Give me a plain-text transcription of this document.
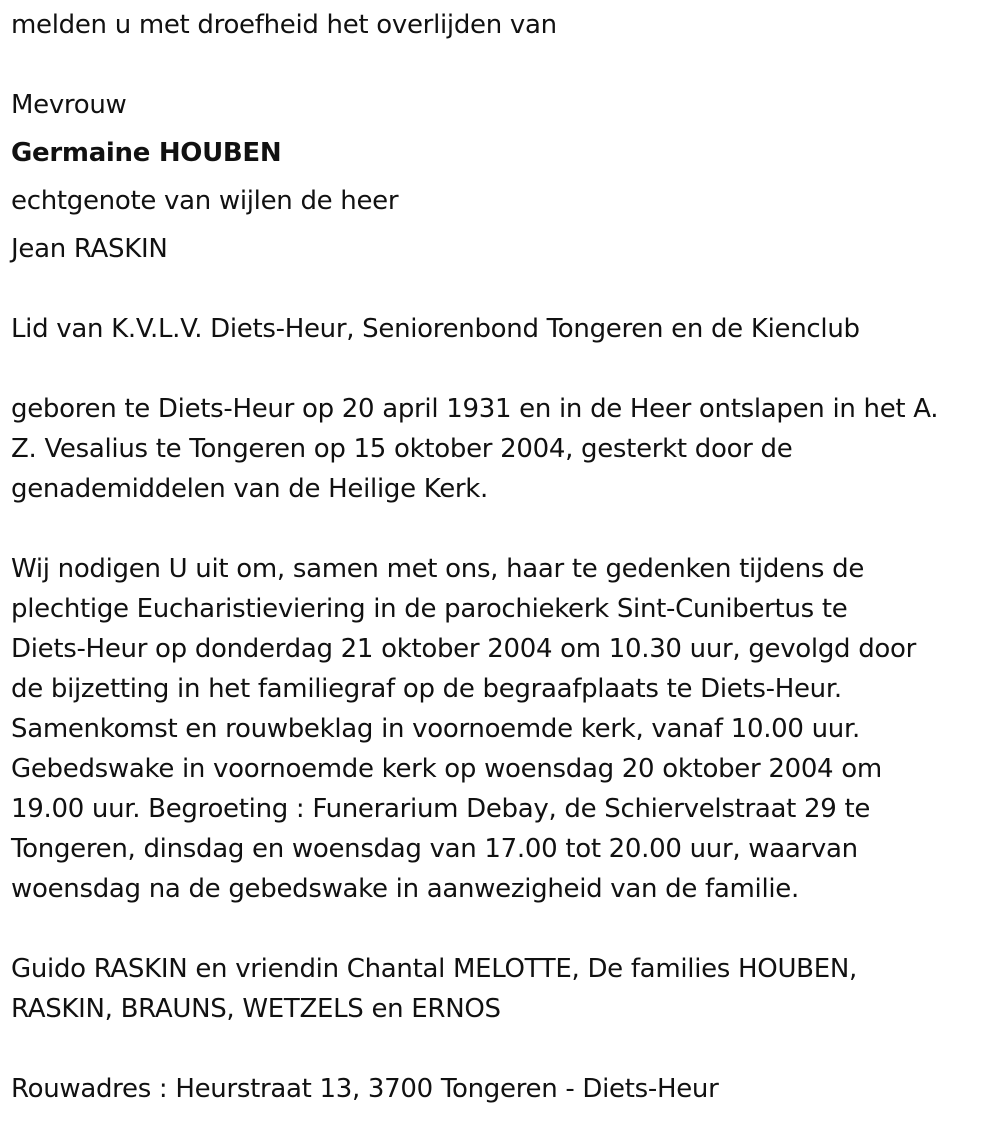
melden u met droefheid het overlijden van
Mevrouw
Germaine HOUBEN
echtgenote van wijlen de heer
Jean RASKIN
Lid van K.V.L.V. Diets-Heur, Seniorenbond Tongeren en de Kienclub
geboren te Diets-Heur op 20 april 1931 en in de Heer ontslapen in het A.
Z. Vesalius te Tongeren op 15 oktober 2004, gesterkt door de
genademiddelen van de Heilige Kerk.
Wij nodigen U uit om, samen met ons, haar te gedenken tijdens de
plechtige Eucharistieviering in de parochiekerk Sint-Cunibertus te
Diets-Heur op donderdag 21 oktober 2004 om 10.30 uur, gevolgd door
de bijzetting in het familiegraf op de begraafplaats te Diets-Heur.
Samenkomst en rouwbeklag in voornoemde kerk, vanaf 10.00 uur.
Gebedswake in voornoemde kerk op woensdag 20 oktober 2004 om
19.00 uur. Begroeting : Funerarium Debay, de Schiervelstraat 29 te
Tongeren, dinsdag en woensdag van 17.00 tot 20.00 uur, waarvan
woensdag na de gebedswake in aanwezigheid van de familie.
Guido RASKIN en vriendin Chantal MELOTTE, De families HOUBEN,
RASKIN, BRAUNS, WETZELS en ERNOS
Rouwadres : Heurstraat 13, 3700 Tongeren - Diets-Heur
